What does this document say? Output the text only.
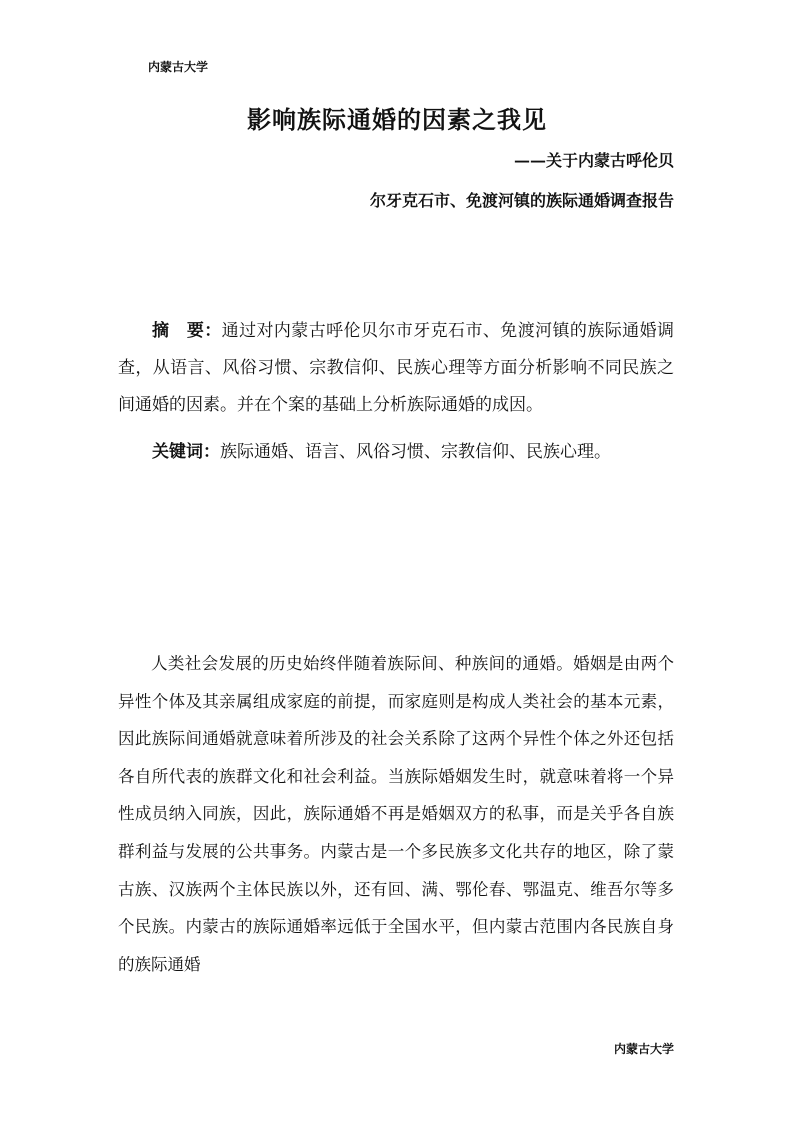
内蒙古大学
影响族际通婚的因素之我见
——关于内蒙古呼伦贝
尔牙克石市、免渡河镇的族际通婚调查报告

摘　要：通过对内蒙古呼伦贝尔市牙克石市、免渡河镇的族际通婚调查，从语言、风俗习惯、宗教信仰、民族心理等方面分析影响不同民族之间通婚的因素。并在个案的基础上分析族际通婚的成因。

关键词：族际通婚、语言、风俗习惯、宗教信仰、民族心理。

人类社会发展的历史始终伴随着族际间、种族间的通婚。婚姻是由两个异性个体及其亲属组成家庭的前提，而家庭则是构成人类社会的基本元素，因此族际间通婚就意味着所涉及的社会关系除了这两个异性个体之外还包括各自所代表的族群文化和社会利益。当族际婚姻发生时，就意味着将一个异性成员纳入同族，因此，族际通婚不再是婚姻双方的私事，而是关乎各自族群利益与发展的公共事务。内蒙古是一个多民族多文化共存的地区，除了蒙古族、汉族两个主体民族以外，还有回、满、鄂伦春、鄂温克、维吾尔等多个民族。内蒙古的族际通婚率远低于全国水平，但内蒙古范围内各民族自身的族际通婚

内蒙古大学
